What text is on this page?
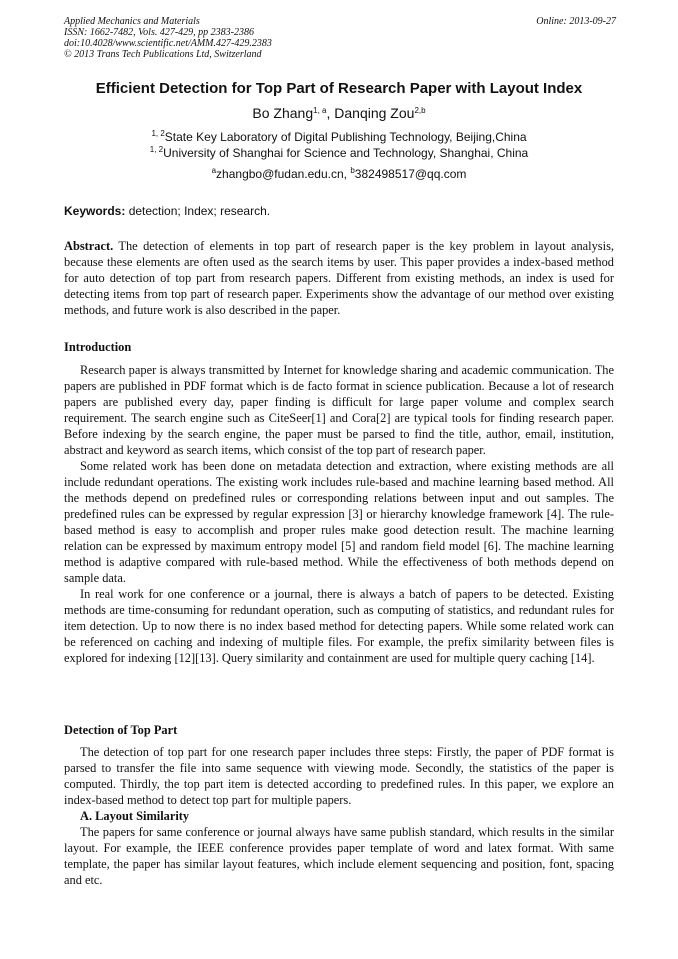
Applied Mechanics and Materials
ISSN: 1662-7482, Vols. 427-429, pp 2383-2386
doi:10.4028/www.scientific.net/AMM.427-429.2383
© 2013 Trans Tech Publications Ltd, Switzerland
Online: 2013-09-27
Efficient Detection for Top Part of Research Paper with Layout Index
Bo Zhang$^{1, a}$, Danqing Zou$^{2,b}$
$^{1, 2}$State Key Laboratory of Digital Publishing Technology, Beijing,China
$^{1, 2}$University of Shanghai for Science and Technology, Shanghai, China
$^a$zhangbo@fudan.edu.cn, $^b$382498517@qq.com
Keywords: detection; Index; research.

Abstract. The detection of elements in top part of research paper is the key problem in layout analysis, because these elements are often used as the search items by user. This paper provides a index-based method for auto detection of top part from research papers. Different from existing methods, an index is used for detecting items from top part of research paper. Experiments show the advantage of our method over existing methods, and future work is also described in the paper.

Introduction

Research paper is always transmitted by Internet for knowledge sharing and academic communication. The papers are published in PDF format which is de facto format in science publication. Because a lot of research papers are published every day, paper finding is difficult for large paper volume and complex search requirement. The search engine such as CiteSeer[1] and Cora[2] are typical tools for finding research paper. Before indexing by the search engine, the paper must be parsed to find the title, author, email, institution, abstract and keyword as search items, which consist of the top part of research paper.

Some related work has been done on metadata detection and extraction, where existing methods are all include redundant operations. The existing work includes rule-based and machine learning based method. All the methods depend on predefined rules or corresponding relations between input and out samples. The predefined rules can be expressed by regular expression [3] or hierarchy knowledge framework [4]. The rule-based method is easy to accomplish and proper rules make good detection result. The machine learning relation can be expressed by maximum entropy model [5] and random field model [6]. The machine learning method is adaptive compared with rule-based method. While the effectiveness of both methods depend on sample data.

In real work for one conference or a journal, there is always a batch of papers to be detected. Existing methods are time-consuming for redundant operation, such as computing of statistics, and redundant rules for item detection. Up to now there is no index based method for detecting papers. While some related work can be referenced on caching and indexing of multiple files. For example, the prefix similarity between files is explored for indexing [12][13]. Query similarity and containment are used for multiple query caching [14].

Detection of Top Part

The detection of top part for one research paper includes three steps: Firstly, the paper of PDF format is parsed to transfer the file into same sequence with viewing mode. Secondly, the statistics of the paper is computed. Thirdly, the top part item is detected according to predefined rules. In this paper, we explore an index-based method to detect top part for multiple papers.

A. Layout Similarity

The papers for same conference or journal always have same publish standard, which results in the similar layout. For example, the IEEE conference provides paper template of word and latex format. With same template, the paper has similar layout features, which include element sequencing and position, font, spacing and etc.
